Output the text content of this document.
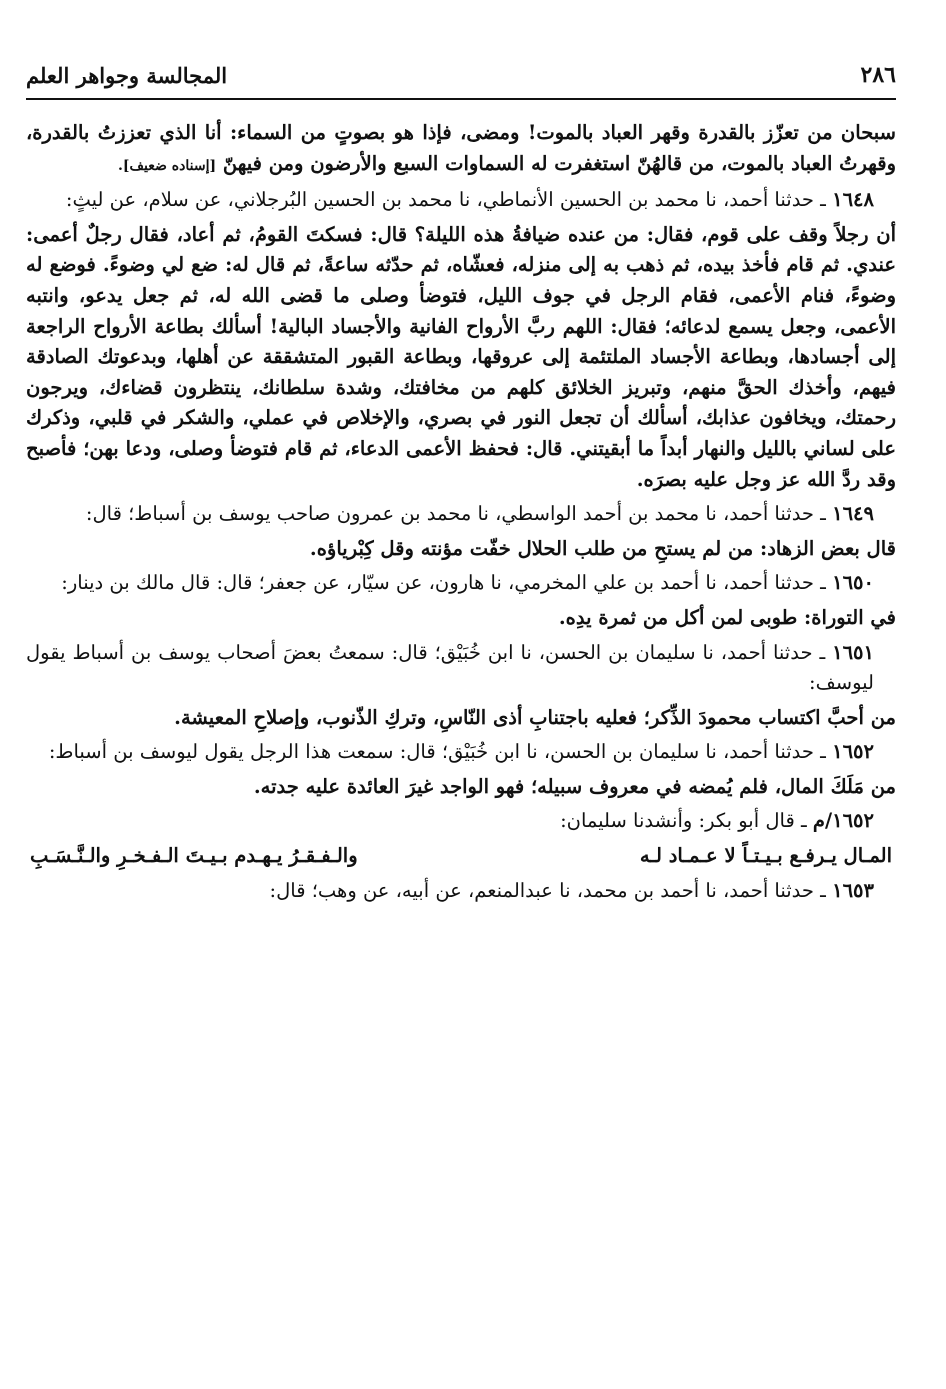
المجالسة وجواهر العلم	٢٨٦

سبحان من تعزّز بالقدرة وقهر العباد بالموت! ومضى، فإذا هو بصوتٍ من السماء: أنا الذي تعززتُ بالقدرة، وقهرتُ العباد بالموت، من قالهُنّ استغفرت له السماوات السبع والأرضون ومن فيهنّ [إسناده ضعيف].

١٦٤٨ ـ حدثنا أحمد، نا محمد بن الحسين الأنماطي، نا محمد بن الحسين البُرجلاني، عن سلام، عن ليثٍ:

أن رجلاً وقف على قوم، فقال: من عنده ضيافةُ هذه الليلة؟ قال: فسكتَ القومُ، ثم أعاد، فقال رجلٌ أعمى: عندي. ثم قام فأخذ بيده، ثم ذهب به إلى منزله، فعشّاه، ثم حدّثه ساعةً، ثم قال له: ضع لي وضوءً. فوضع له وضوءً، فنام الأعمى، فقام الرجل في جوف الليل، فتوضأ وصلى ما قضى الله له، ثم جعل يدعو، وانتبه الأعمى، وجعل يسمع لدعائه؛ فقال: اللهم ربَّ الأرواح الفانية والأجساد البالية! أسألك بطاعة الأرواح الراجعة إلى أجسادها، وبطاعة الأجساد الملتئمة إلى عروقها، وبطاعة القبور المتشققة عن أهلها، وبدعوتك الصادقة فيهم، وأخذك الحقَّ منهم، وتبريز الخلائق كلهم من مخافتك، وشدة سلطانك، ينتظرون قضاءك، ويرجون رحمتك، ويخافون عذابك، أسألك أن تجعل النور في بصري، والإخلاص في عملي، والشكر في قلبي، وذكرك على لساني بالليل والنهار أبداً ما أبقيتني. قال: فحفظ الأعمى الدعاء، ثم قام فتوضأ وصلى، ودعا بهن؛ فأصبح وقد ردَّ الله عز وجل عليه بصرَه.

١٦٤٩ ـ حدثنا أحمد، نا محمد بن أحمد الواسطي، نا محمد بن عمرون صاحب يوسف بن أسباط؛ قال:

قال بعض الزهاد: من لم يستحِ من طلب الحلال خفّت مؤنته وقل كِبْرياؤه.

١٦٥٠ ـ حدثنا أحمد، نا أحمد بن علي المخرمي، نا هارون، عن سيّار، عن جعفر؛ قال: قال مالك بن دينار:

في التوراة: طوبى لمن أكل من ثمرة يدِه.

١٦٥١ ـ حدثنا أحمد، نا سليمان بن الحسن، نا ابن خُبَيْق؛ قال: سمعتُ بعضَ أصحاب يوسف بن أسباط يقول ليوسف:

من أحبَّ اكتساب محمودَ الذِّكر؛ فعليه باجتنابِ أذى النّاسِ، وتركِ الذّنوب، وإصلاحِ المعيشة.

١٦٥٢ ـ حدثنا أحمد، نا سليمان بن الحسن، نا ابن خُبَيْق؛ قال: سمعت هذا الرجل يقول ليوسف بن أسباط:

من مَلَكَ المال، فلم يُمضه في معروف سبيله؛ فهو الواجد غيرَ العائدة عليه جدته.

١٦٥٢/م ـ قال أبو بكر: وأنشدنا سليمان:

المـال يـرفـع بـيـتـاً لا عـمـاد لـه
والـفـقـرُ يـهـدم بـيـتَ الـفـخـرِ والـنَّـسَـبِ

١٦٥٣ ـ حدثنا أحمد، نا أحمد بن محمد، نا عبدالمنعم، عن أبيه، عن وهب؛ قال:
